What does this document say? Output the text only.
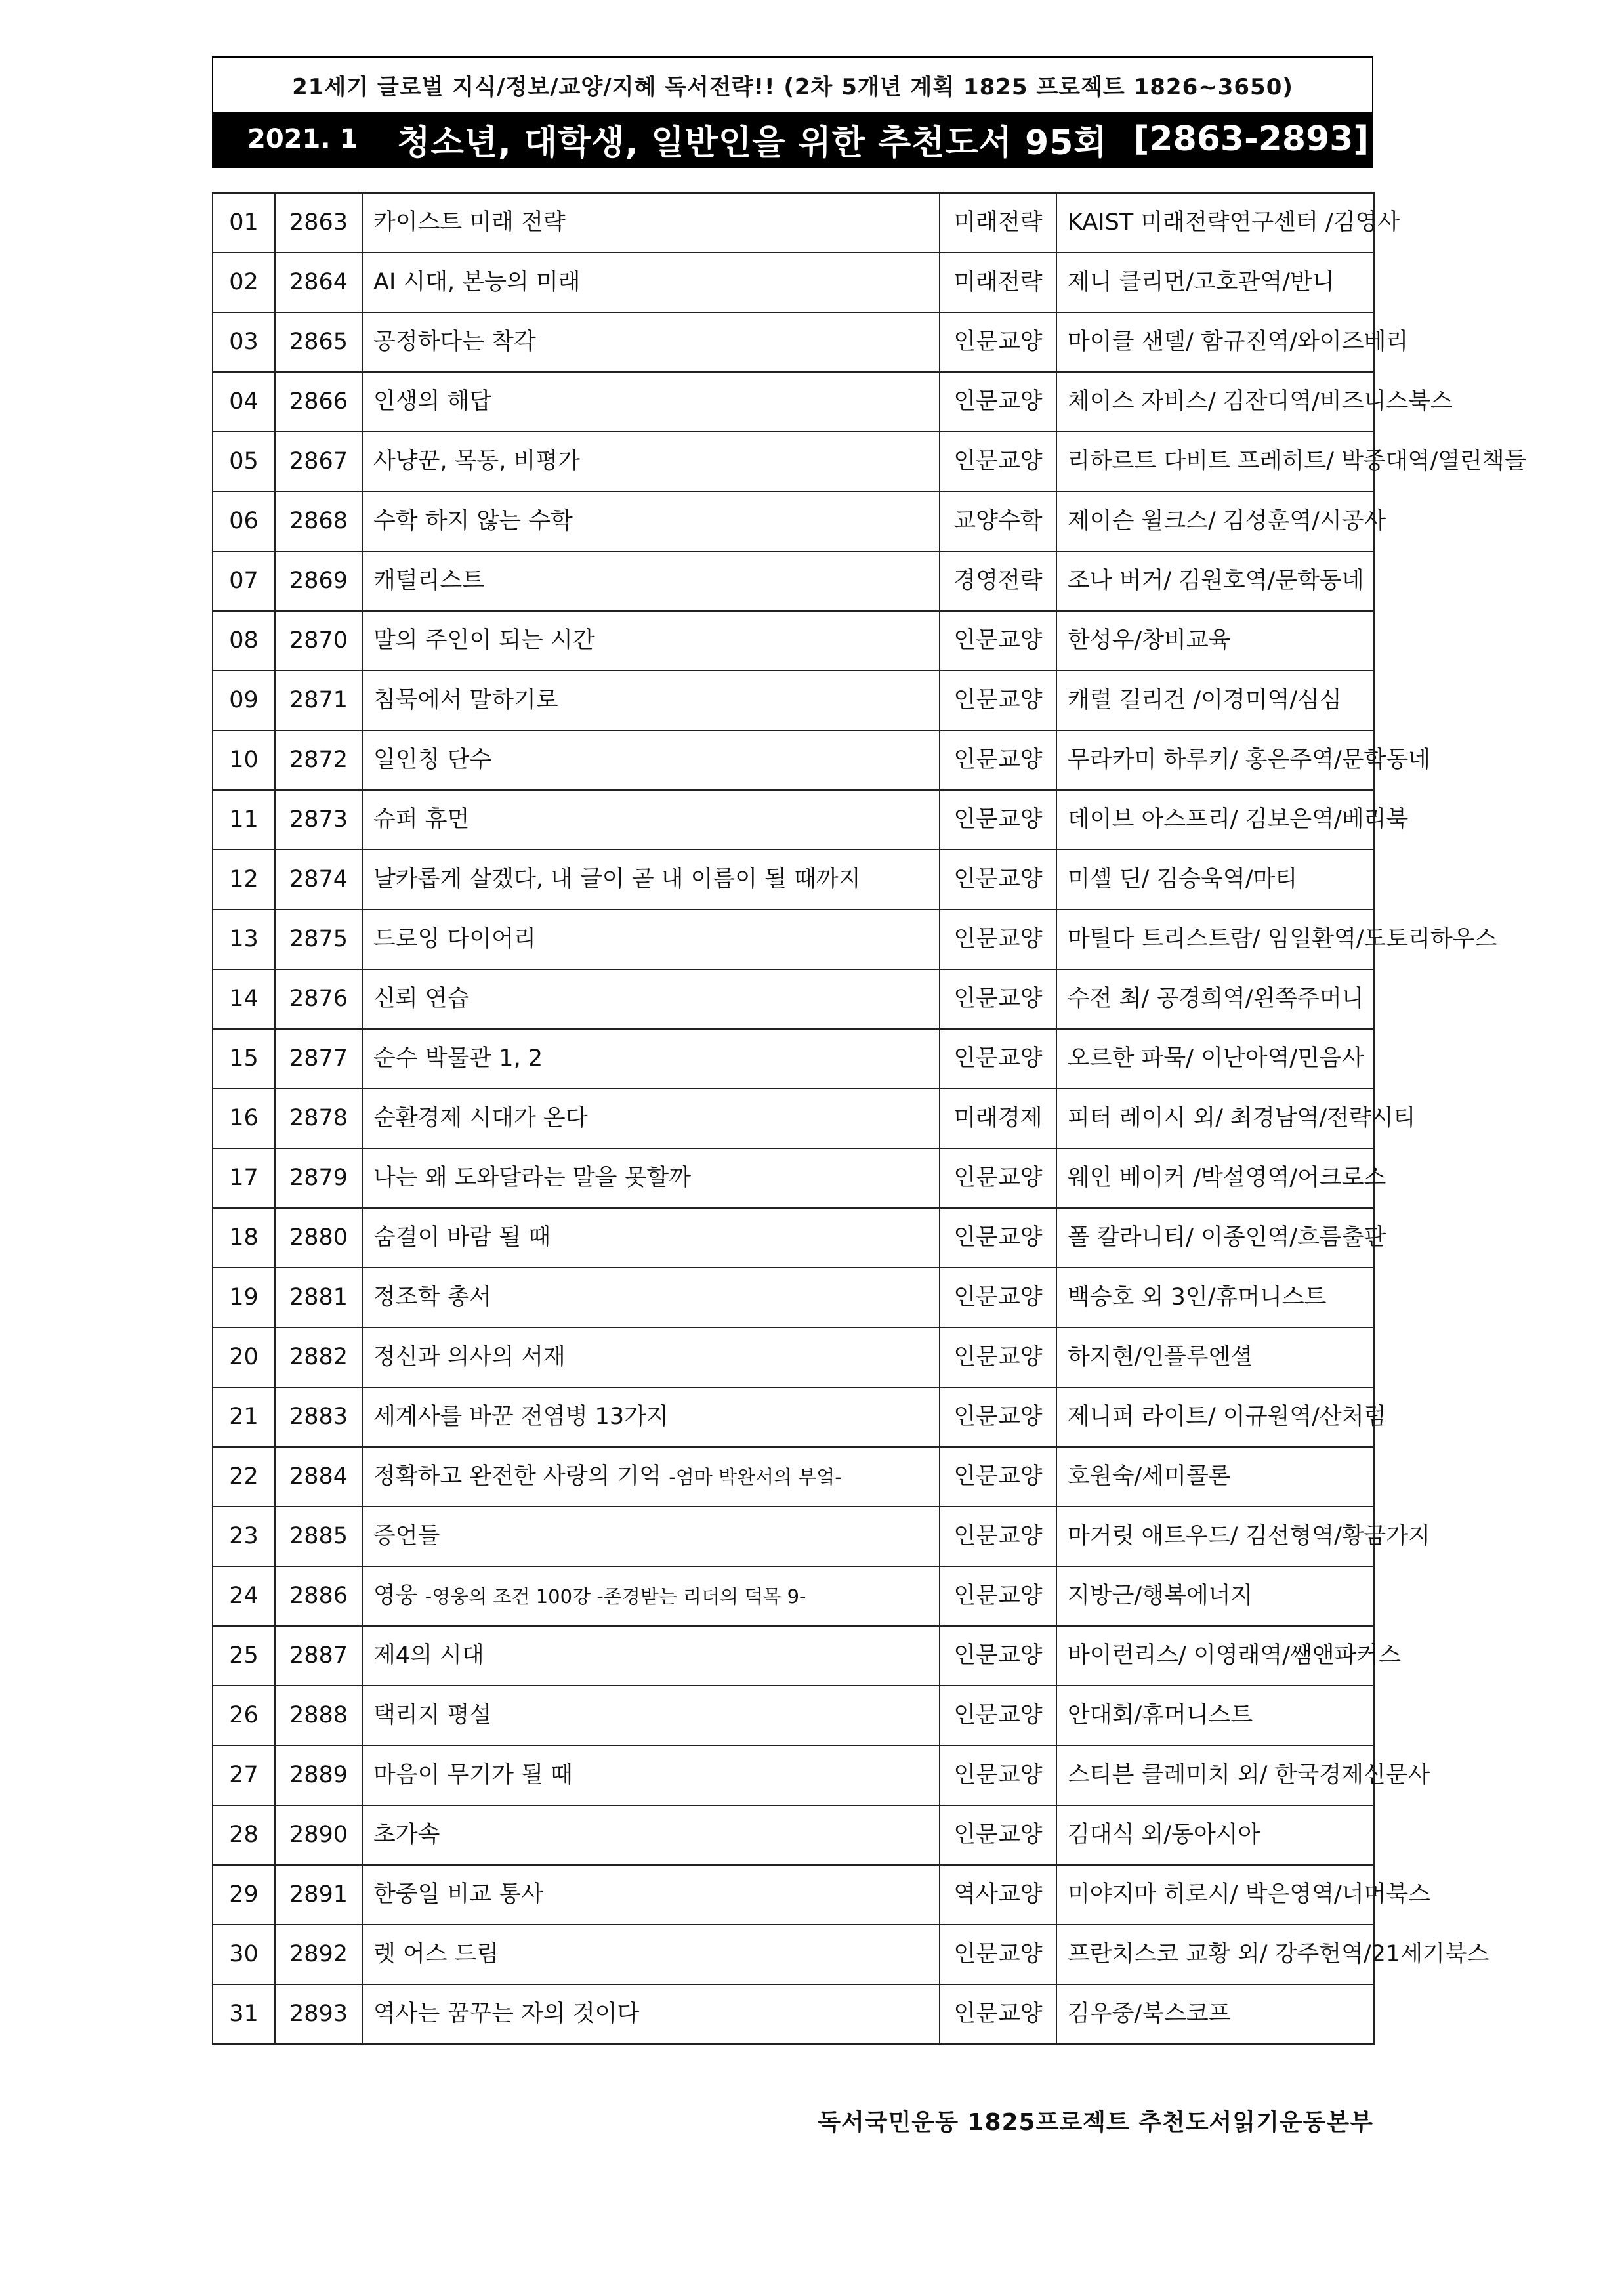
21세기 글로벌 지식/정보/교양/지혜 독서전략!! (2차 5개년 계획 1825 프로젝트 1826~3650)
2021. 1 청소년, 대학생, 일반인을 위한 추천도서 95회 [2863-2893]
01	2863	카이스트 미래 전략	미래전략	KAIST 미래전략연구센터 /김영사
02	2864	AI 시대, 본능의 미래	미래전략	제니 클리먼/고호관역/반니
03	2865	공정하다는 착각	인문교양	마이클 샌델/ 함규진역/와이즈베리
04	2866	인생의 해답	인문교양	체이스 자비스/ 김잔디역/비즈니스북스
05	2867	사냥꾼, 목동, 비평가	인문교양	리하르트 다비트 프레히트/ 박종대역/열린책들
06	2868	수학 하지 않는 수학	교양수학	제이슨 윌크스/ 김성훈역/시공사
07	2869	캐털리스트	경영전략	조나 버거/ 김원호역/문학동네
08	2870	말의 주인이 되는 시간	인문교양	한성우/창비교육
09	2871	침묵에서 말하기로	인문교양	캐럴 길리건 /이경미역/심심
10	2872	일인칭 단수	인문교양	무라카미 하루키/ 홍은주역/문학동네
11	2873	슈퍼 휴먼	인문교양	데이브 아스프리/ 김보은역/베리북
12	2874	날카롭게 살겠다, 내 글이 곧 내 이름이 될 때까지	인문교양	미셸 딘/ 김승욱역/마티
13	2875	드로잉 다이어리	인문교양	마틸다 트리스트람/ 임일환역/도토리하우스
14	2876	신뢰 연습	인문교양	수전 최/ 공경희역/왼쪽주머니
15	2877	순수 박물관 1, 2	인문교양	오르한 파묵/ 이난아역/민음사
16	2878	순환경제 시대가 온다	미래경제	피터 레이시 외/ 최경남역/전략시티
17	2879	나는 왜 도와달라는 말을 못할까	인문교양	웨인 베이커 /박설영역/어크로스
18	2880	숨결이 바람 될 때	인문교양	폴 칼라니티/ 이종인역/흐름출판
19	2881	정조학 총서	인문교양	백승호 외 3인/휴머니스트
20	2882	정신과 의사의 서재	인문교양	하지현/인플루엔셜
21	2883	세계사를 바꾼 전염병 13가지	인문교양	제니퍼 라이트/ 이규원역/산처럼
22	2884	정확하고 완전한 사랑의 기억 -엄마 박완서의 부엌-	인문교양	호원숙/세미콜론
23	2885	증언들	인문교양	마거릿 애트우드/ 김선형역/황금가지
24	2886	영웅 -영웅의 조건 100강 -존경받는 리더의 덕목 9-	인문교양	지방근/행복에너지
25	2887	제4의 시대	인문교양	바이런리스/ 이영래역/쌤앤파커스
26	2888	택리지 평설	인문교양	안대회/휴머니스트
27	2889	마음이 무기가 될 때	인문교양	스티븐 클레미치 외/ 한국경제신문사
28	2890	초가속	인문교양	김대식 외/동아시아
29	2891	한중일 비교 통사	역사교양	미야지마 히로시/ 박은영역/너머북스
30	2892	렛 어스 드림	인문교양	프란치스코 교황 외/ 강주헌역/21세기북스
31	2893	역사는 꿈꾸는 자의 것이다	인문교양	김우중/북스코프
독서국민운동 1825프로젝트 추천도서읽기운동본부
